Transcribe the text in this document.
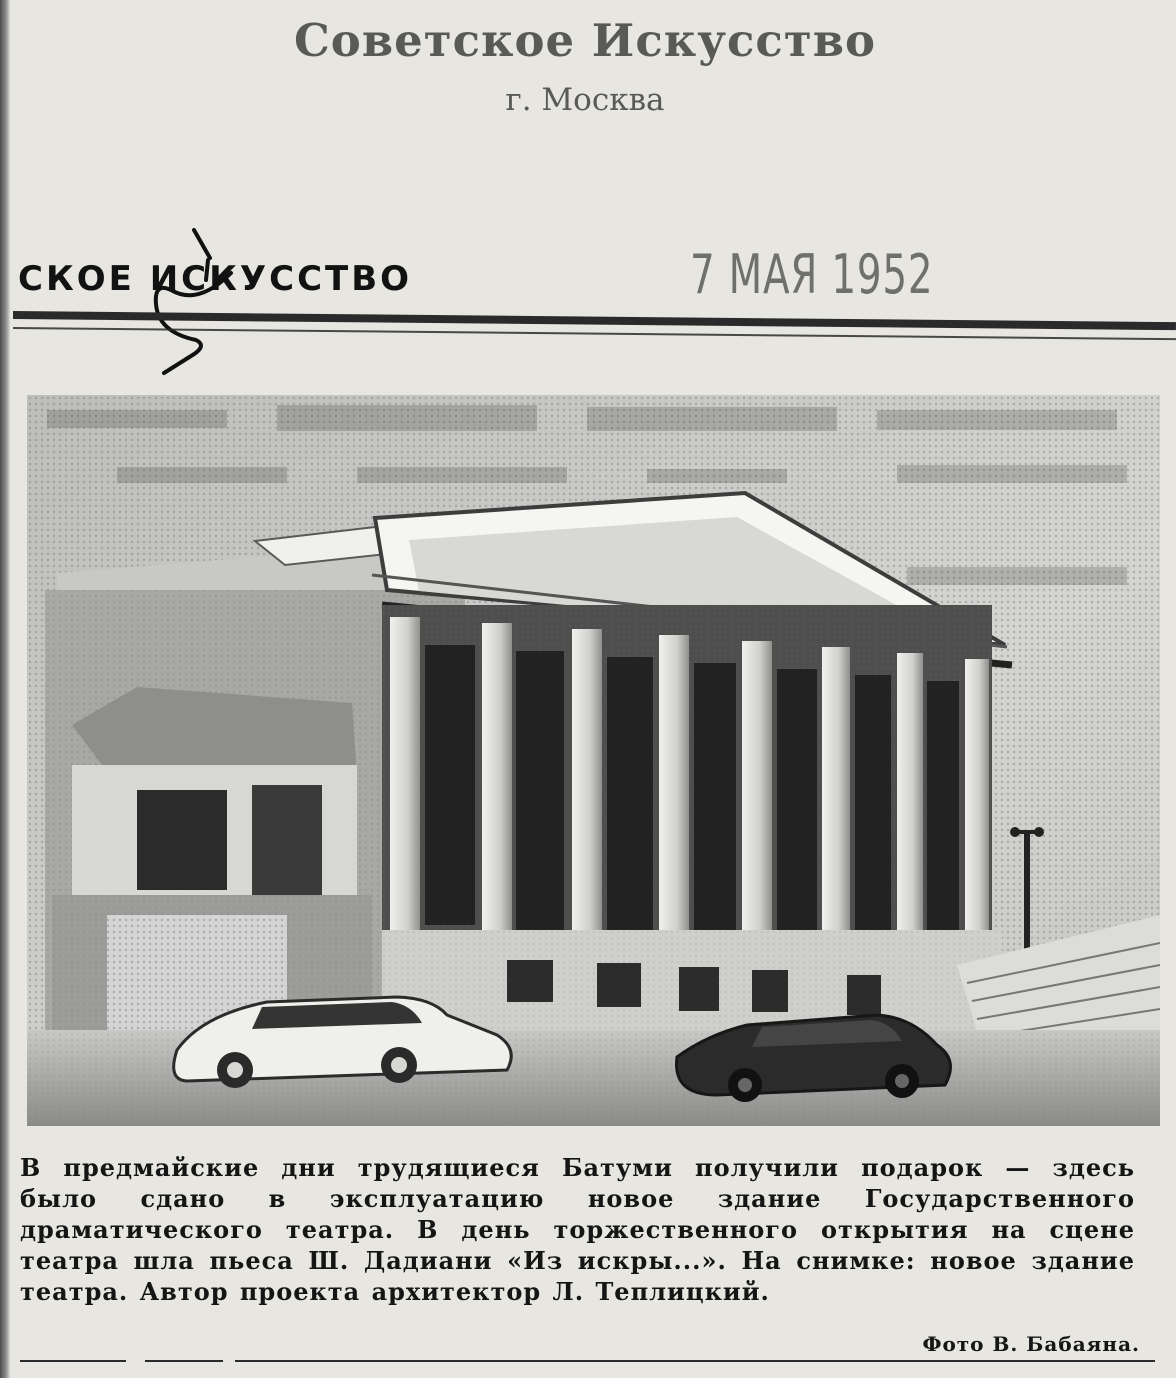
Советское Искусство
г. Москва
СКОЕ ИСКУССТВО	7 МАЯ 1952
В предмайские дни трудящиеся Батуми получили подарок — здесь было сдано в эксплуатацию новое здание Государственного драматического театра. В день торжественного открытия на сцене театра шла пьеса Ш. Дадиани «Из искры...». На снимке: новое здание театра. Автор проекта архитектор Л. Теплицкий.
Фото В. Бабаяна.
